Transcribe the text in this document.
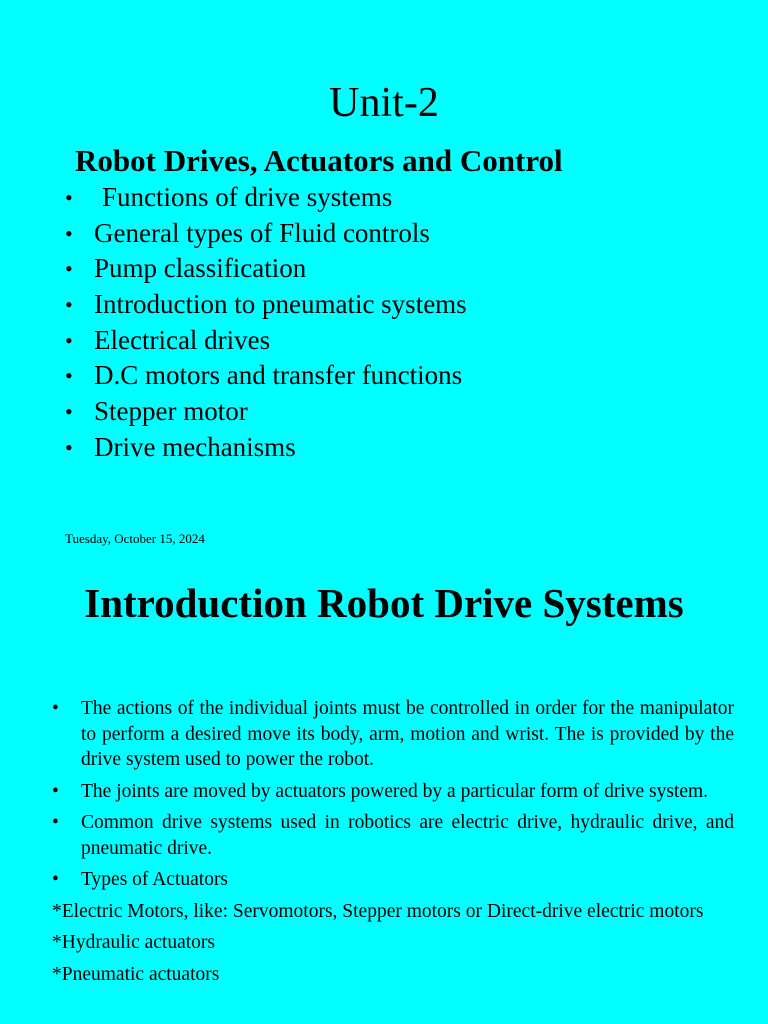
Unit-2
Robot Drives, Actuators and Control
• Functions of drive systems
• General types of Fluid controls
• Pump classification
• Introduction to pneumatic systems
• Electrical drives
• D.C motors and transfer functions
• Stepper motor
• Drive mechanisms
Tuesday, October 15, 2024
Introduction Robot Drive Systems
• The actions of the individual joints must be controlled in order for the manipulator to perform a desired move its body, arm, motion and wrist. The is provided by the drive system used to power the robot.
• The joints are moved by actuators powered by a particular form of drive system.
• Common drive systems used in robotics are electric drive, hydraulic drive, and pneumatic drive.
• Types of Actuators
*Electric Motors, like: Servomotors, Stepper motors or Direct-drive electric motors
*Hydraulic actuators
*Pneumatic actuators
